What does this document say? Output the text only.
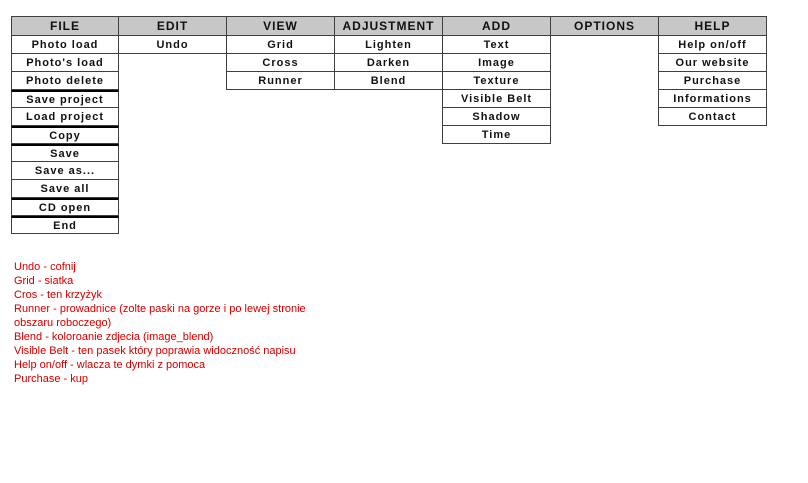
FILE
Photo load
Photo's load
Photo delete
Save project
Load project
Copy
Save
Save as...
Save all
CD open
End
EDIT
Undo
VIEW
Grid
Cross
Runner
ADJUSTMENT
Lighten
Darken
Blend
ADD
Text
Image
Texture
Visible Belt
Shadow
Time
OPTIONS	HELP
Help on/off
Our website
Purchase
Informations
Contact
Undo - cofnij
Grid - siatka
Cros - ten krzyżyk
Runner - prowadnice (zolte paski na gorze i po lewej stronie obszaru roboczego)
Blend - koloroanie zdjecia (image_blend)
Visible Belt - ten pasek który poprawia widoczność napisu
Help on/off - wlacza te dymki z pomoca
Purchase - kup
